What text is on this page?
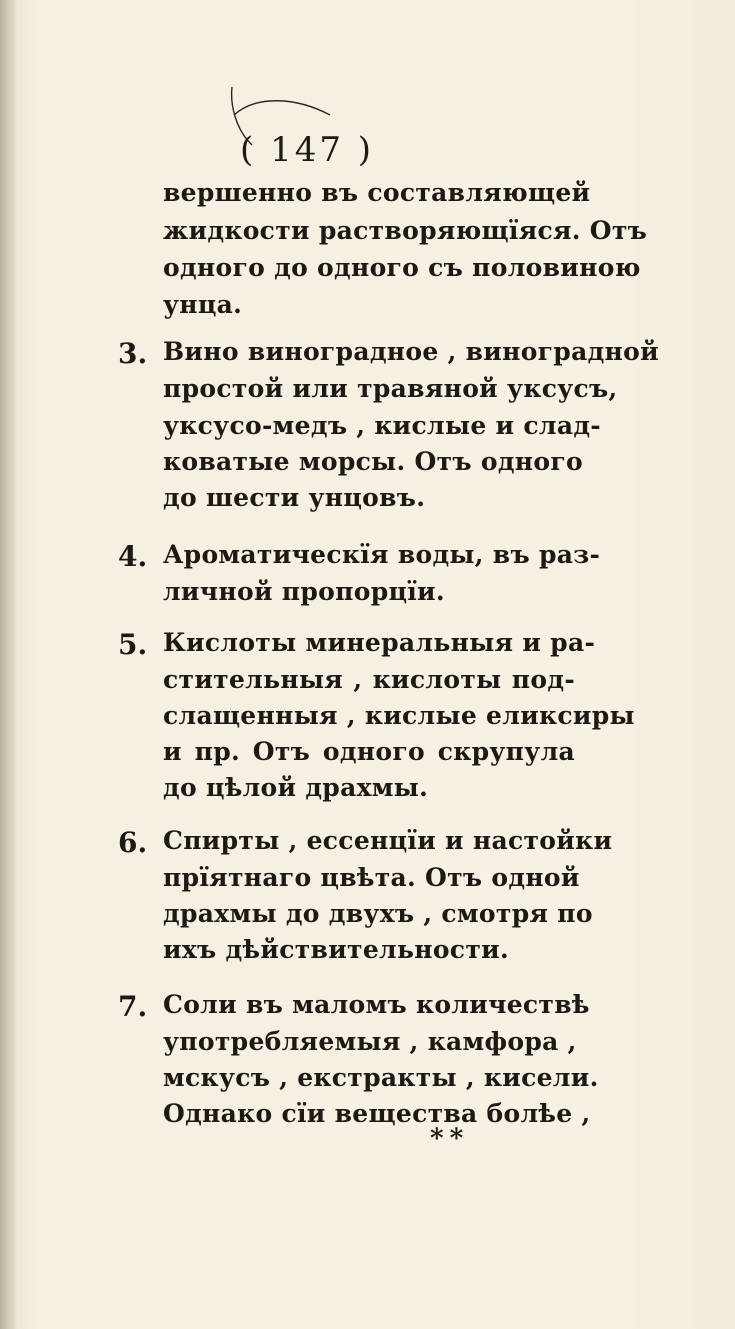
( 147 )
вершенно въ составляющей
жидкости растворяющїяся. Отъ
одного до одного съ половиною
унца.
3. Вино виноградное , виноградной
простой или травяной уксусъ,
уксусо-медъ , кислые и слад-
коватые морсы. Отъ одного
до шести унцовъ.
4. Ароматическїя воды, въ раз-
личной пропорцїи.
5. Кислоты минеральныя и ра-
стительныя , кислоты под-
слащенныя , кислые еликсиры
и пр. Отъ одного скрупула
до цѣлой драхмы.
6. Спирты , ессенцїи и настойки
прїятнаго цвѣта. Отъ одной
драхмы до двухъ , смотря по
ихъ дѣйствительности.
7. Соли въ маломъ количествѣ
употребляемыя , камфора ,
мскусъ , екстракты , кисели.
Однако сїи вещества болѣе ,
**
